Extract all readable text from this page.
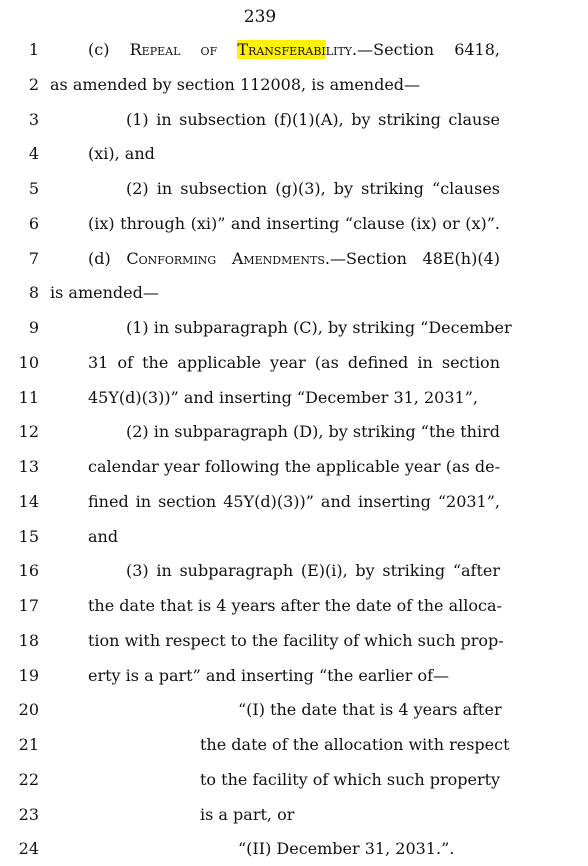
239
1	(c) Repeal of Transferability.—Section 6418,
2 as amended by section 112008, is amended—
3	(1) in subsection (f)(1)(A), by striking clause
4	(xi), and
5	(2) in subsection (g)(3), by striking “clauses
6	(ix) through (xi)” and inserting “clause (ix) or (x)”.
7	(d) Conforming Amendments.—Section 48E(h)(4)
8 is amended—
9	(1) in subparagraph (C), by striking “December
10	31 of the applicable year (as defined in section
11	45Y(d)(3))” and inserting “December 31, 2031”,
12	(2) in subparagraph (D), by striking “the third
13	calendar year following the applicable year (as de-
14	fined in section 45Y(d)(3))” and inserting “2031”,
15	and
16	(3) in subparagraph (E)(i), by striking “after
17	the date that is 4 years after the date of the alloca-
18	tion with respect to the facility of which such prop-
19	erty is a part” and inserting “the earlier of—
20	“(I) the date that is 4 years after
21	the date of the allocation with respect
22	to the facility of which such property
23	is a part, or
24	“(II) December 31, 2031.”.
